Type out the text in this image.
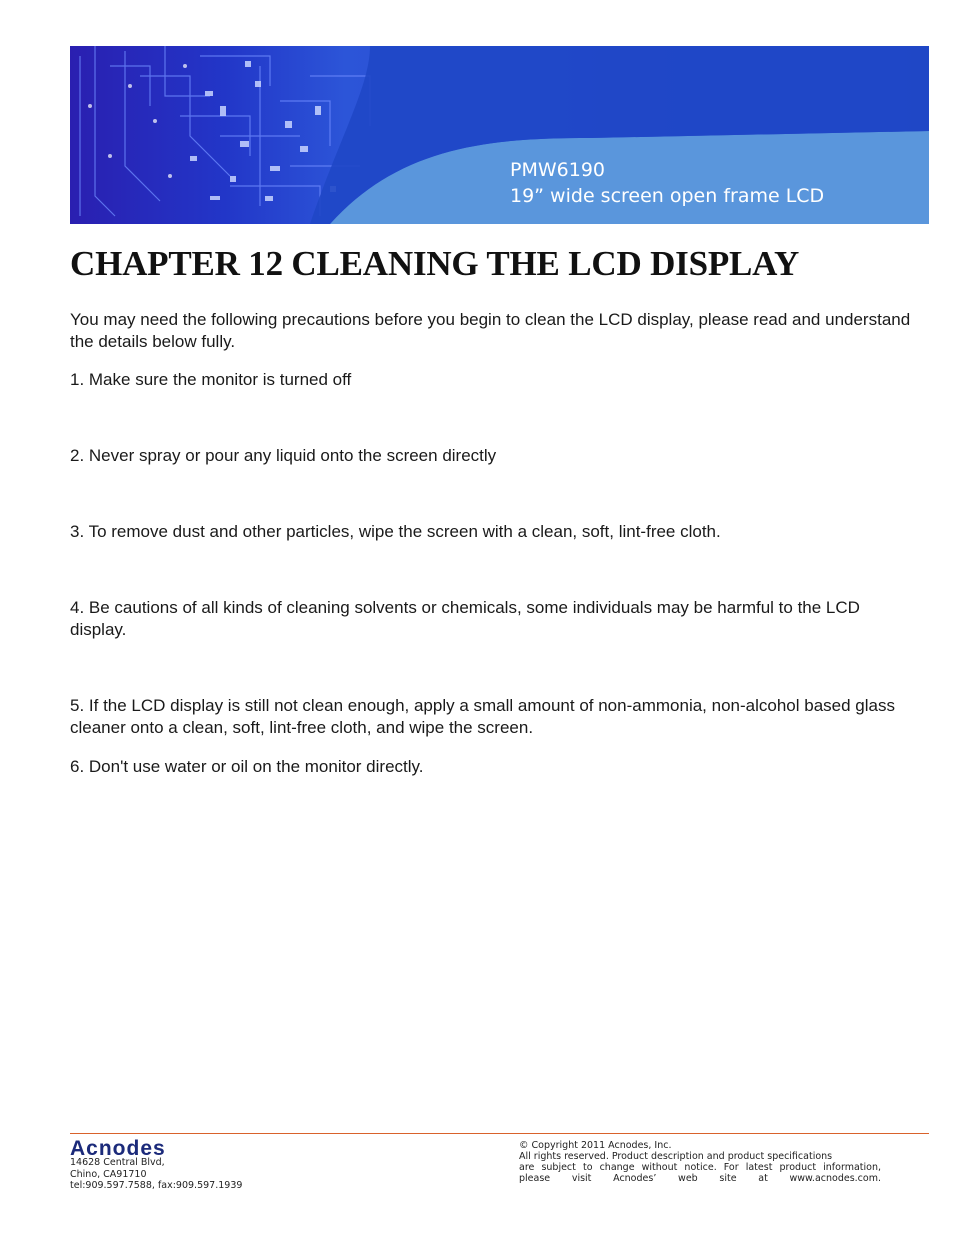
PMW6190
19” wide screen open frame LCD
CHAPTER 12 CLEANING THE LCD DISPLAY

You may need the following precautions before you begin to clean the LCD display, please read and understand the details below fully.

1. Make sure the monitor is turned off

2. Never spray or pour any liquid onto the screen directly

3. To remove dust and other particles, wipe the screen with a clean, soft, lint-free cloth.

4. Be cautions of all kinds of cleaning solvents or chemicals, some individuals may be harmful to the LCD display.

5. If the LCD display is still not clean enough, apply a small amount of non-ammonia, non-alcohol based glass cleaner onto a clean, soft, lint-free cloth, and wipe the screen.

6. Don't use water or oil on the monitor directly.

Acnodes
14628 Central Blvd,
Chino, CA91710
tel:909.597.7588, fax:909.597.1939
© Copyright 2011 Acnodes, Inc.
All rights reserved. Product description and product specifications
are subject to change without notice. For latest product information,
please visit Acnodes’ web site at www.acnodes.com.
